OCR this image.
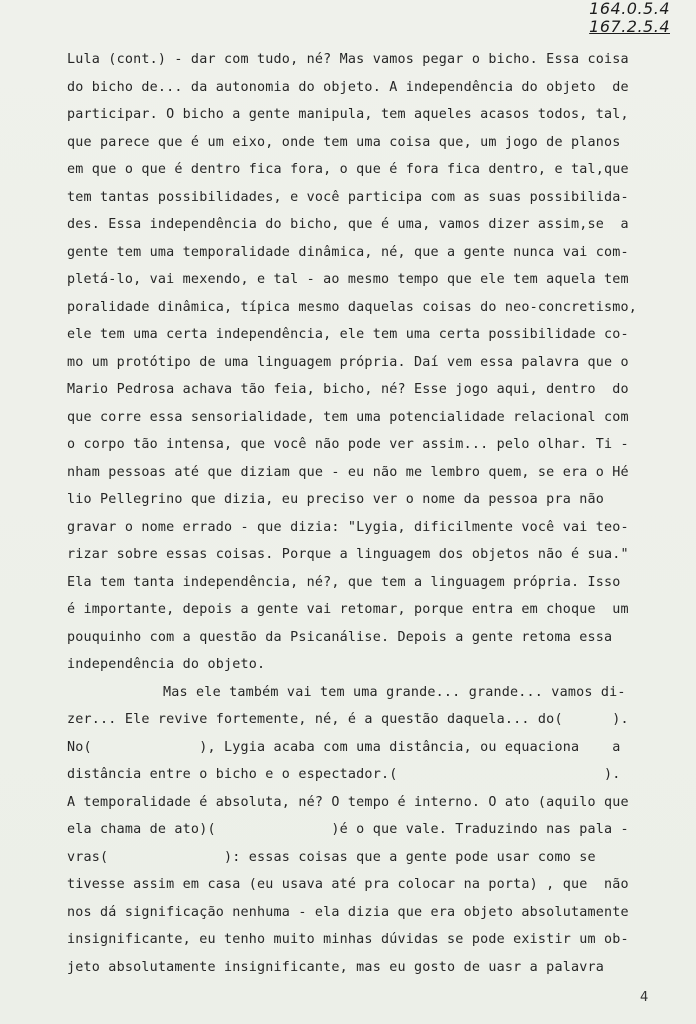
164.0.5.4
167.2.5.4
Lula (cont.) - dar com tudo, né? Mas vamos pegar o bicho. Essa coisa
do bicho de... da autonomia do objeto. A independência do objeto  de
participar. O bicho a gente manipula, tem aqueles acasos todos, tal,
que parece que é um eixo, onde tem uma coisa que, um jogo de planos
em que o que é dentro fica fora, o que é fora fica dentro, e tal,que
tem tantas possibilidades, e você participa com as suas possibilida-
des. Essa independência do bicho, que é uma, vamos dizer assim,se  a
gente tem uma temporalidade dinâmica, né, que a gente nunca vai com-
pletá-lo, vai mexendo, e tal - ao mesmo tempo que ele tem aquela tem
poralidade dinâmica, típica mesmo daquelas coisas do neo-concretismo,
ele tem uma certa independência, ele tem uma certa possibilidade co-
mo um protótipo de uma linguagem própria. Daí vem essa palavra que o
Mario Pedrosa achava tão feia, bicho, né? Esse jogo aqui, dentro  do
que corre essa sensorialidade, tem uma potencialidade relacional com
o corpo tão intensa, que você não pode ver assim... pelo olhar. Ti -
nham pessoas até que diziam que - eu não me lembro quem, se era o Hé
lio Pellegrino que dizia, eu preciso ver o nome da pessoa pra não
gravar o nome errado - que dizia: "Lygia, dificilmente você vai teo-
rizar sobre essas coisas. Porque a linguagem dos objetos não é sua."
Ela tem tanta independência, né?, que tem a linguagem própria. Isso
é importante, depois a gente vai retomar, porque entra em choque  um
pouquinho com a questão da Psicanálise. Depois a gente retoma essa
independência do objeto.
Mas ele também vai tem uma grande... grande... vamos di-
zer... Ele revive fortemente, né, é a questão daquela... do(      ).
No(             ), Lygia acaba com uma distância, ou equaciona    a
distância entre o bicho e o espectador.(                         ).
A temporalidade é absoluta, né? O tempo é interno. O ato (aquilo que
ela chama de ato)(              )é o que vale. Traduzindo nas pala -
vras(              ): essas coisas que a gente pode usar como se
tivesse assim em casa (eu usava até pra colocar na porta) , que  não
nos dá significação nenhuma - ela dizia que era objeto absolutamente
insignificante, eu tenho muito minhas dúvidas se pode existir um ob-
jeto absolutamente insignificante, mas eu gosto de uasr a palavra
4
